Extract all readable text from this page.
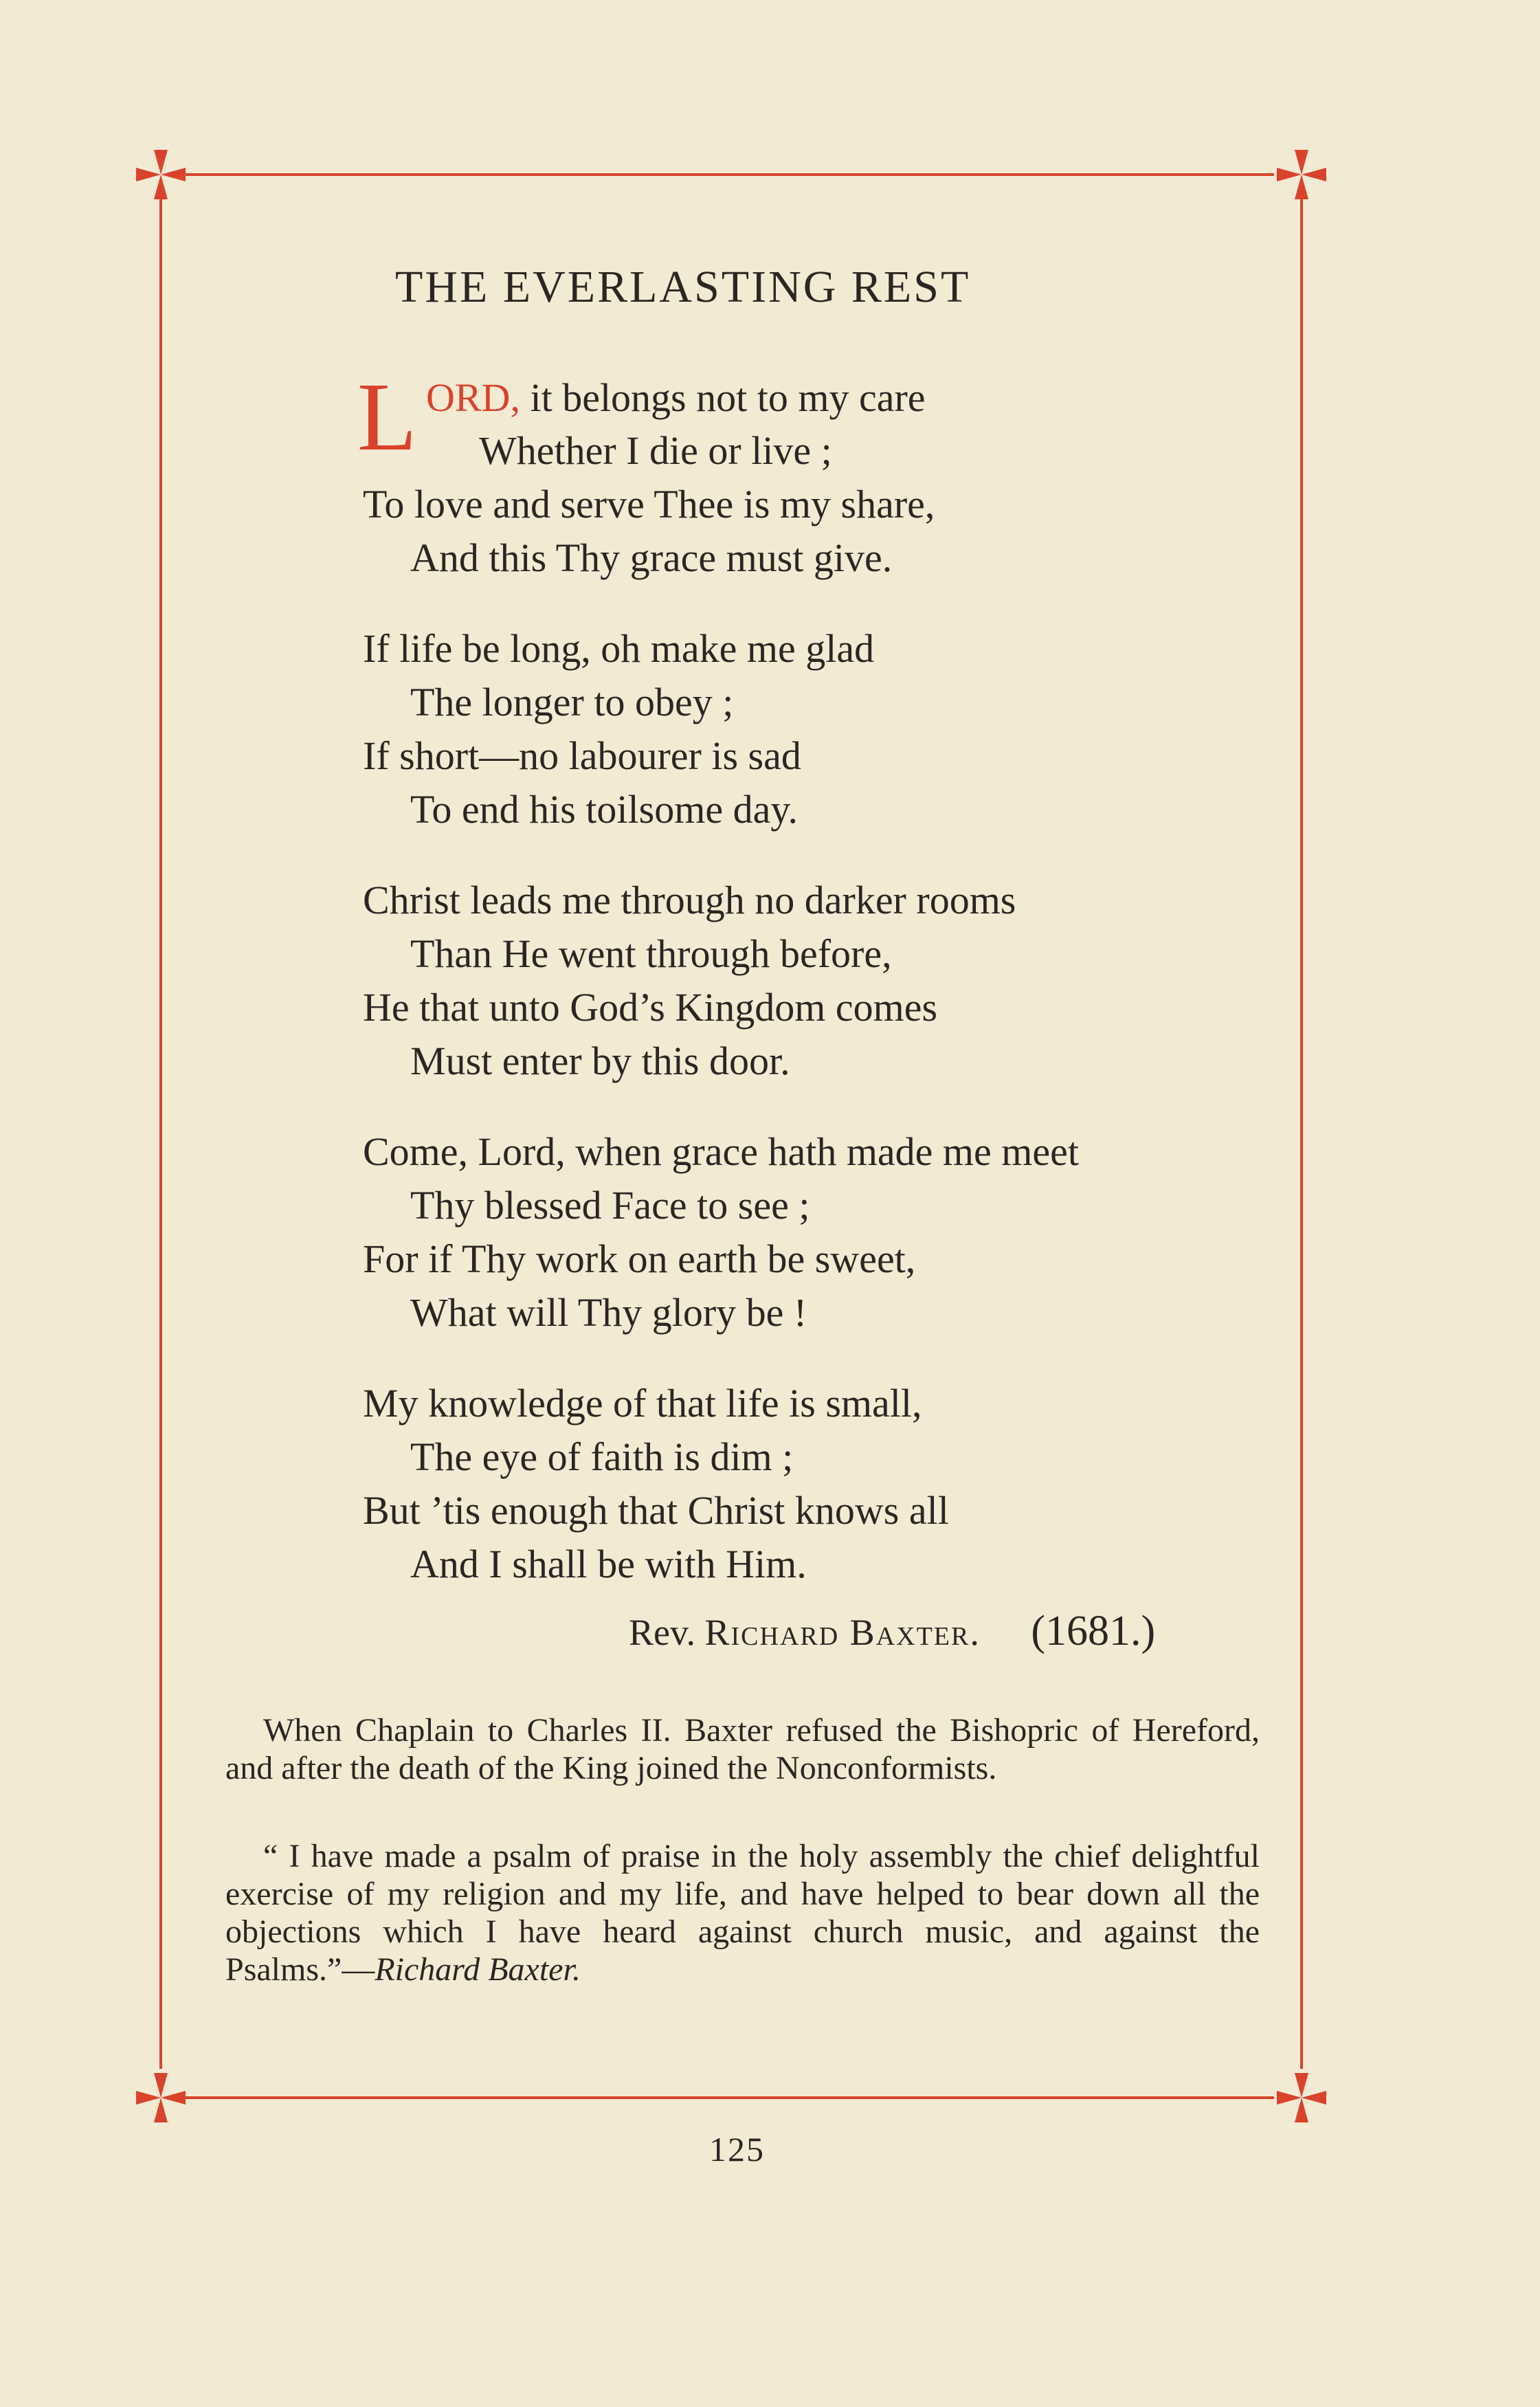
THE EVERLASTING REST
L ORD, it belongs not to my care
Whether I die or live ;
To love and serve Thee is my share,
And this Thy grace must give.
If life be long, oh make me glad
The longer to obey ;
If short—no labourer is sad
To end his toilsome day.
Christ leads me through no darker rooms
Than He went through before,
He that unto God’s Kingdom comes
Must enter by this door.
Come, Lord, when grace hath made me meet
Thy blessed Face to see ;
For if Thy work on earth be sweet,
What will Thy glory be !
My knowledge of that life is small,
The eye of faith is dim ;
But ’tis enough that Christ knows all
And I shall be with Him.
Rev. Richard Baxter. (1681.)
When Chaplain to Charles II. Baxter refused the Bishopric of Hereford, and after the death of the King joined the Nonconformists.
“ I have made a psalm of praise in the holy assembly the chief delightful exercise of my religion and my life, and have helped to bear down all the objections which I have heard against church music, and against the Psalms.”—Richard Baxter.
125
